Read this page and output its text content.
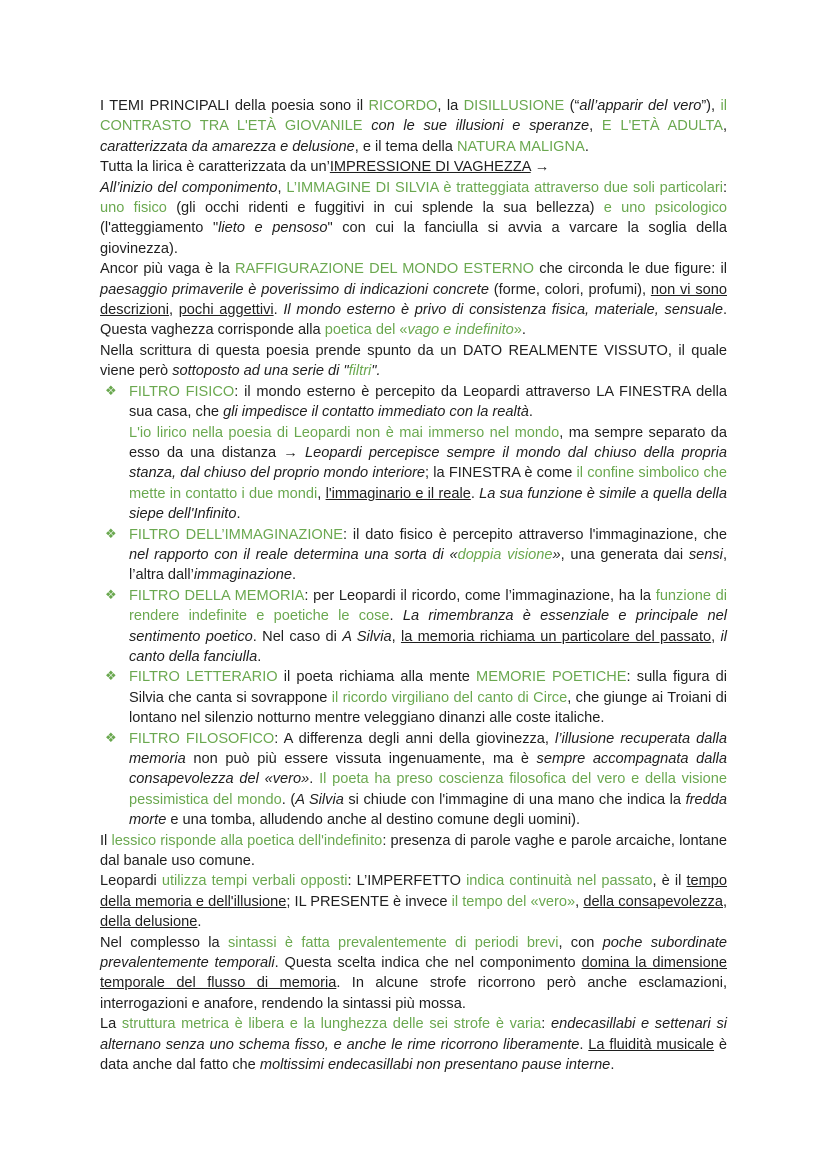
I TEMI PRINCIPALI della poesia sono il RICORDO, la DISILLUSIONE (“all’apparir del vero”), il CONTRASTO TRA L'ETÀ GIOVANILE con le sue illusioni e speranze, E L'ETÀ ADULTA, caratterizzata da amarezza e delusione, e il tema della NATURA MALIGNA.

Tutta la lirica è caratterizzata da un’IMPRESSIONE DI VAGHEZZA →

All’inizio del componimento, L’IMMAGINE DI SILVIA è tratteggiata attraverso due soli particolari: uno fisico (gli occhi ridenti e fuggitivi in cui splende la sua bellezza) e uno psicologico (l'atteggiamento "lieto e pensoso" con cui la fanciulla si avvia a varcare la soglia della giovinezza).

Ancor più vaga è la RAFFIGURAZIONE DEL MONDO ESTERNO che circonda le due figure: il paesaggio primaverile è poverissimo di indicazioni concrete (forme, colori, profumi), non vi sono descrizioni, pochi aggettivi. Il mondo esterno è privo di consistenza fisica, materiale, sensuale. Questa vaghezza corrisponde alla poetica del «vago e indefinito».

Nella scrittura di questa poesia prende spunto da un DATO REALMENTE VISSUTO, il quale viene però sottoposto ad una serie di "filtri".

❖ FILTRO FISICO: il mondo esterno è percepito da Leopardi attraverso LA FINESTRA della sua casa, che gli impedisce il contatto immediato con la realtà.
L'io lirico nella poesia di Leopardi non è mai immerso nel mondo, ma sempre separato da esso da una distanza → Leopardi percepisce sempre il mondo dal chiuso della propria stanza, dal chiuso del proprio mondo interiore; la FINESTRA è come il confine simbolico che mette in contatto i due mondi, l'immaginario e il reale. La sua funzione è simile a quella della siepe dell'Infinito.
❖ FILTRO DELL’IMMAGINAZIONE: il dato fisico è percepito attraverso l'immaginazione, che nel rapporto con il reale determina una sorta di «doppia visione», una generata dai sensi, l’altra dall’immaginazione.
❖ FILTRO DELLA MEMORIA: per Leopardi il ricordo, come l’immaginazione, ha la funzione di rendere indefinite e poetiche le cose. La rimembranza è essenziale e principale nel sentimento poetico. Nel caso di A Silvia, la memoria richiama un particolare del passato, il canto della fanciulla.
❖ FILTRO LETTERARIO il poeta richiama alla mente MEMORIE POETICHE: sulla figura di Silvia che canta si sovrappone il ricordo virgiliano del canto di Circe, che giunge ai Troiani di lontano nel silenzio notturno mentre veleggiano dinanzi alle coste italiche.
❖ FILTRO FILOSOFICO: A differenza degli anni della giovinezza, l’illusione recuperata dalla memoria non può più essere vissuta ingenuamente, ma è sempre accompagnata dalla consapevolezza del «vero». Il poeta ha preso coscienza filosofica del vero e della visione pessimistica del mondo. (A Silvia si chiude con l'immagine di una mano che indica la fredda morte e una tomba, alludendo anche al destino comune degli uomini).

Il lessico risponde alla poetica dell'indefinito: presenza di parole vaghe e parole arcaiche, lontane dal banale uso comune.

Leopardi utilizza tempi verbali opposti: L’IMPERFETTO indica continuità nel passato, è il tempo della memoria e dell'illusione; IL PRESENTE è invece il tempo del «vero», della consapevolezza, della delusione.

Nel complesso la sintassi è fatta prevalentemente di periodi brevi, con poche subordinate prevalentemente temporali. Questa scelta indica che nel componimento domina la dimensione temporale del flusso di memoria. In alcune strofe ricorrono però anche esclamazioni, interrogazioni e anafore, rendendo la sintassi più mossa.

La struttura metrica è libera e la lunghezza delle sei strofe è varia: endecasillabi e settenari si alternano senza uno schema fisso, e anche le rime ricorrono liberamente. La fluidità musicale è data anche dal fatto che moltissimi endecasillabi non presentano pause interne.
